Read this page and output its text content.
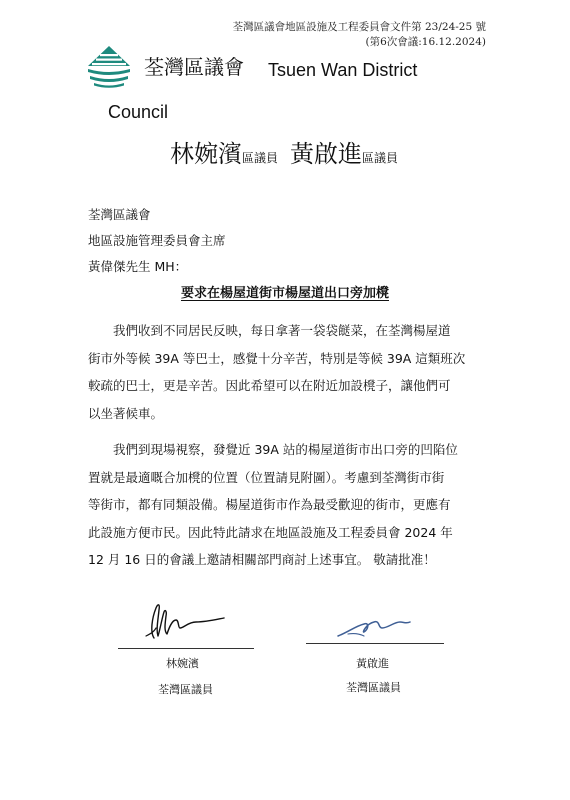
荃灣區議會地區設施及工程委員會文件第 23/24-25 號
(第6次會議:16.12.2024)
荃灣區議會 Tsuen Wan District
Council
林婉濱區議員 黃啟進區議員
荃灣區議會
地區設施管理委員會主席
黃偉傑先生 MH：
要求在楊屋道街市楊屋道出口旁加櫈
我們收到不同居民反映，每日拿著一袋袋餸菜，在荃灣楊屋道
街市外等候 39A 等巴士，感覺十分辛苦，特別是等候 39A 這類班次
較疏的巴士，更是辛苦。因此希望可以在附近加設櫈子，讓他們可
以坐著候車。
我們到現場視察，發覺近 39A 站的楊屋道街市出口旁的凹陷位
置就是最適嘅合加櫈的位置（位置請見附圖）。考慮到荃灣街市街
等街市，都有同類設備。楊屋道街市作為最受歡迎的街市，更應有
此設施方便市民。因此特此請求在地區設施及工程委員會 2024 年
12 月 16 日的會議上邀請相關部門商討上述事宜。 敬請批准！
林婉濱	黃啟進
荃灣區議員	荃灣區議員
